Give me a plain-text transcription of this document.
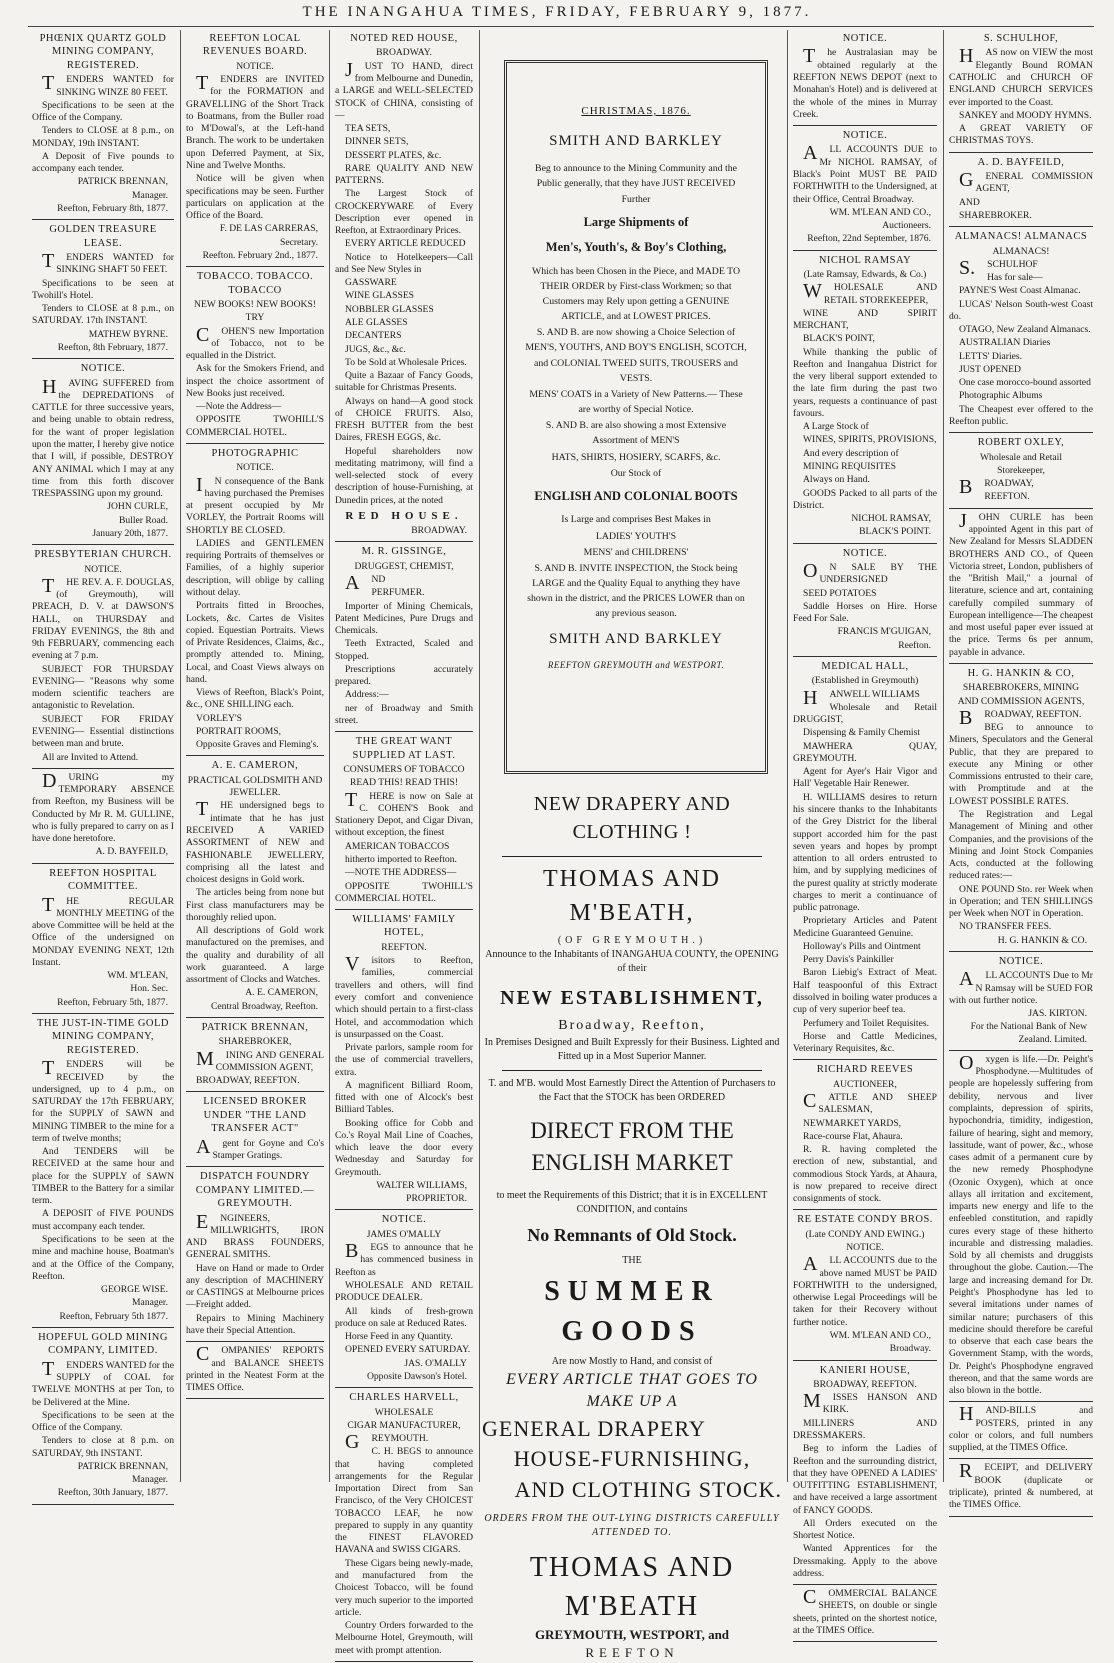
THE INANGAHUA TIMES, FRIDAY, FEBRUARY 9, 1877.
PHŒNIX QUARTZ GOLD MINING COMPANY, REGISTERED.
TENDERS WANTED for SINKING WINZE 80 FEET.
Specifications to be seen at the Office of the Company.
Tenders to CLOSE at 8 p.m., on MONDAY, 19th INSTANT.
A Deposit of Five pounds to accompany each tender.
PATRICK BRENNAN,
Manager.
Reefton, February 8th, 1877.
GOLDEN TREASURE LEASE.
TENDERS WANTED for SINKING SHAFT 50 FEET.
Specifications to be seen at Twohill's Hotel.
Tenders to CLOSE at 8 p.m., on SATURDAY. 17th INSTANT.
MATHEW BYRNE.
Reefton, 8th February, 1877.
NOTICE.
HAVING SUFFERED from the DEPREDATIONS of CATTLE for three successive years, and being unable to obtain redress, for the want of proper legislation upon the matter, I hereby give notice that I will, if possible, DESTROY ANY ANIMAL which I may at any time from this forth discover TRESPASSING upon my ground.
JOHN CURLE,
Buller Road.
January 20th, 1877.
PRESBYTERIAN CHURCH.
NOTICE.
THE REV. A. F. DOUGLAS, (of Greymouth), will PREACH, D. V. at DAWSON'S HALL, on THURSDAY and FRIDAY EVENINGS, the 8th and 9th FEBRUARY, commencing each evening at 7 p.m.
SUBJECT FOR THURSDAY EVENING— "Reasons why some modern scientific teachers are antagonistic to Revelation.
SUBJECT FOR FRIDAY EVENING— Essential distinctions between man and brute.
All are Invited to Attend.
DURING my TEMPORARY ABSENCE from Reefton, my Business will be Conducted by Mr R. M. GULLINE, who is fully prepared to carry on as I have done heretofore.
A. D. BAYFEILD,
REEFTON HOSPITAL COMMITTEE.
THE REGULAR MONTHLY MEETING of the above Committee will be held at the Office of the undersigned on MONDAY EVENING NEXT, 12th Instant.
WM. M'LEAN,
Hon. Sec.
Reefton, February 5th, 1877.
THE JUST-IN-TIME GOLD MINING COMPANY, REGISTERED.
TENDERS will be RECEIVED by the undersigned, up to 4 p.m., on SATURDAY the 17th FEBRUARY, for the SUPPLY of SAWN and MINING TIMBER to the mine for a term of twelve months;
And TENDERS will be RECEIVED at the same hour and place for the SUPPLY of SAWN TIMBER to the Battery for a similar term.
A DEPOSIT of FIVE POUNDS must accompany each tender.
Specifications to be seen at the mine and machine house, Boatman's and at the Office of the Company, Reefton.
GEORGE WISE.
Manager.
Reefton, February 5th 1877.
HOPEFUL GOLD MINING COMPANY, LIMITED.
TENDERS WANTED for the SUPPLY of COAL for TWELVE MONTHS at per Ton, to be Delivered at the Mine.
Specifications to be seen at the Office of the Company.
Tenders to close at 8 p.m. on SATURDAY, 9th INSTANT.
PATRICK BRENNAN,
Manager.
Reefton, 30th January, 1877.
REEFTON LOCAL REVENUES BOARD.
NOTICE.
TENDERS are INVITED for the FORMATION and GRAVELLING of the Short Track to Boatmans, from the Buller road to M'Dowal's, at the Left-hand Branch. The work to be undertaken upon Deferred Payment, at Six, Nine and Twelve Months.
Notice will be given when specifications may be seen. Further particulars on application at the Office of the Board.
F. DE LAS CARRERAS,
Secretary.
Reefton. February 2nd., 1877.
TOBACCO. TOBACCO. TOBACCO
NEW BOOKS! NEW BOOKS!
TRY
COHEN'S new Importation of Tobacco, not to be equalled in the District.
Ask for the Smokers Friend, and inspect the choice assortment of New Books just received.
—Note the Address—
OPPOSITE TWOHILL'S COMMERCIAL HOTEL.
PHOTOGRAPHIC
NOTICE.
IN consequence of the Bank having purchased the Premises at present occupied by Mr VORLEY, the Portrait Rooms will SHORTLY BE CLOSED.
LADIES and GENTLEMEN requiring Portraits of themselves or Families, of a highly superior description, will oblige by calling without delay.
Portraits fitted in Brooches, Lockets, &c. Cartes de Visites copied. Equestian Portraits. Views of Private Residences, Claims, &c., promptly attended to. Mining, Local, and Coast Views always on hand.
Views of Reefton, Black's Point, &c., ONE SHILLING each.
VORLEY'S
PORTRAIT ROOMS,
Opposite Graves and Fleming's.
A. E. CAMERON,
PRACTICAL GOLDSMITH AND JEWELLER.
THE undersigned begs to intimate that he has just RECEIVED A VARIED ASSORTMENT of NEW and FASHIONABLE JEWELLERY, comprising all the latest and choicest designs in Gold work.
The articles being from none but First class manufacturers may be thoroughly relied upon.
All descriptions of Gold work manufactured on the premises, and the quality and durability of all work guaranteed. A large assortment of Clocks and Watches.
A. E. CAMERON,
Central Broadway, Reefton.
PATRICK BRENNAN,
SHAREBROKER,
MINING AND GENERAL COMMISSION AGENT,
BROADWAY, REEFTON.
LICENSED BROKER UNDER "THE LAND TRANSFER ACT"
Agent for Goyne and Co's Stamper Gratings.
DISPATCH FOUNDRY COMPANY LIMITED.—GREYMOUTH.
ENGINEERS, MILLWRIGHTS, IRON AND BRASS FOUNDERS, GENERAL SMITHS.
Have on Hand or made to Order any description of MACHINERY or CASTINGS at Melbourne prices—Freight added.
Repairs to Mining Machinery have their Special Attention.
COMPANIES' REPORTS and BALANCE SHEETS printed in the Neatest Form at the TIMES Office.
NOTED RED HOUSE,
BROADWAY.
JUST TO HAND, direct from Melbourne and Dunedin, a LARGE and WELL-SELECTED STOCK of CHINA, consisting of—
TEA SETS,
DINNER SETS,
DESSERT PLATES, &c.
RARE QUALITY AND NEW PATTERNS.
The Largest Stock of CROCKERYWARE of Every Description ever opened in Reefton, at Extraordinary Prices.
EVERY ARTICLE REDUCED
Notice to Hotelkeepers—Call and See New Styles in
GASSWARE
WINE GLASSES
NOBBLER GLASSES
ALE GLASSES
DECANTERS
JUGS, &c., &c.
To be Sold at Wholesale Prices.
Quite a Bazaar of Fancy Goods, suitable for Christmas Presents.
Always on hand—A good stock of CHOICE FRUITS. Also, FRESH BUTTER from the best Daires, FRESH EGGS, &c.
Hopeful shareholders now meditating matrimony, will find a well-selected stock of every description of house-Furnishing, at Dunedin prices, at the noted
RED HOUSE.
BROADWAY.
M. R. GISSINGE,
DRUGGEST, CHEMIST,
AND
PERFUMER.
Importer of Mining Chemicals, Patent Medicines, Pure Drugs and Chemicals.
Teeth Extracted, Scaled and Stopped.
Prescriptions accurately prepared.
Address:—
ner of Broadway and Smith street.
THE GREAT WANT SUPPLIED AT LAST.
CONSUMERS OF TOBACCO
READ THIS! READ THIS!
THERE is now on Sale at C. COHEN'S Book and Stationery Depot, and Cigar Divan, without exception, the finest
AMERICAN TOBACCOS
hitherto imported to Reefton.
—NOTE THE ADDRESS—
OPPOSITE TWOHILL'S COMMERCIAL HOTEL.
WILLIAMS' FAMILY HOTEL,
REEFTON.
Visitors to Reefton, families, commercial travellers and others, will find every comfort and convenience which should pertain to a first-class Hotel, and accommodation which is unsurpassed on the Coast.
Private parlors, sample room for the use of commercial travellers, extra.
A magnificent Billiard Room, fitted with one of Alcock's best Billiard Tables.
Booking office for Cobb and Co.'s Royal Mail Line of Coaches, which leave the door every Wednesday and Saturday for Greymouth.
WALTER WILLIAMS,
PROPRIETOR.
NOTICE.
JAMES O'MALLY
BEGS to announce that he has commenced business in Reefton as
WHOLESALE AND RETAIL PRODUCE DEALER.
All kinds of fresh-grown produce on sale at Reduced Rates.
Horse Feed in any Quantity.
OPENED EVERY SATURDAY.
JAS. O'MALLY
Opposite Dawson's Hotel.
CHARLES HARVELL,
WHOLESALE
CIGAR MANUFACTURER,
GREYMOUTH.
C. H. BEGS to announce that having completed arrangements for the Regular Importation Direct from San Francisco, of the Very CHOICEST TOBACCO LEAF, he now prepared to supply in any quantity the FINEST FLAVORED HAVANA and SWISS CIGARS.
These Cigars being newly-made, and manufactured from the Choicest Tobacco, will be found very much superior to the imported article.
Country Orders forwarded to the Melbourne Hotel, Greymouth, will meet with prompt attention.
CHRISTMAS, 1876.
SMITH AND BARKLEY
Beg to announce to the Mining Community and the Public generally, that they have JUST RECEIVED Further
Large Shipments of
Men's, Youth's, & Boy's Clothing,
Which has been Chosen in the Piece, and MADE TO THEIR ORDER by First-class Workmen; so that Customers may Rely upon getting a GENUINE ARTICLE, and at LOWEST PRICES.
S. AND B. are now showing a Choice Selection of MEN'S, YOUTH'S, AND BOY'S ENGLISH, SCOTCH, and COLONIAL TWEED SUITS, TROUSERS and VESTS.
MENS' COATS in a Variety of New Patterns.— These are worthy of Special Notice.
S. AND B. are also showing a most Extensive Assortment of MEN'S
HATS, SHIRTS, HOSIERY, SCARFS, &c.
Our Stock of
ENGLISH AND COLONIAL BOOTS
Is Large and comprises Best Makes in
LADIES' YOUTH'S
MENS' and CHILDRENS'
S. AND B. INVITE INSPECTION, the Stock being LARGE and the Quality Equal to anything they have shown in the district, and the PRICES LOWER than on any previous season.
SMITH AND BARKLEY
REEFTON GREYMOUTH and WESTPORT.
NEW DRAPERY AND CLOTHING !
THOMAS AND M'BEATH,
(OF GREYMOUTH.)
Announce to the Inhabitants of INANGAHUA COUNTY, the OPENING of their
NEW ESTABLISHMENT,
Broadway, Reefton,
In Premises Designed and Built Expressly for their Business. Lighted and Fitted up in a Most Superior Manner.
T. and M'B. would Most Earnestly Direct the Attention of Purchasers to the Fact that the STOCK has been ORDERED
DIRECT FROM THE ENGLISH MARKET
to meet the Requirements of this District; that it is in EXCELLENT CONDITION, and contains
No Remnants of Old Stock.
THE
SUMMER GOODS
Are now Mostly to Hand, and consist of
EVERY ARTICLE THAT GOES TO MAKE UP A
GENERAL DRAPERY
HOUSE-FURNISHING,
AND CLOTHING STOCK.
ORDERS FROM THE OUT-LYING DISTRICTS CAREFULLY ATTENDED TO.
THOMAS AND M'BEATH
GREYMOUTH, WESTPORT, and
REEFTON
NOTICE.
The Australasian may be obtained regularly at the REEFTON NEWS DEPOT (next to Monahan's Hotel) and is delivered at the whole of the mines in Murray Creek.
NOTICE.
ALL ACCOUNTS DUE to Mr NICHOL RAMSAY, of Black's Point MUST BE PAID FORTHWITH to the Undersigned, at their Office, Central Broadway.
WM. M'LEAN AND CO.,
Auctioneers.
Reefton, 22nd September, 1876.
NICHOL RAMSAY
(Late Ramsay, Edwards, & Co.)
WHOLESALE AND RETAIL STOREKEEPER,
WINE AND SPIRIT MERCHANT,
BLACK'S POINT,
While thanking the public of Reefton and Inangahua District for the very liberal support extended to the late firm during the past two years, requests a continuance of past favours.
A Large Stock of
WINES, SPIRITS, PROVISIONS,
And every description of
MINING REQUISITES
Always on Hand.
GOODS Packed to all parts of the District.
NICHOL RAMSAY,
BLACK'S POINT.
NOTICE.
ON SALE BY THE UNDERSIGNED
SEED POTATOES
Saddle Horses on Hire. Horse Feed For Sale.
FRANCIS M'GUIGAN,
Reefton.
MEDICAL HALL,
(Established in Greymouth)
HANWELL WILLIAMS
Wholesale and Retail DRUGGIST,
Dispensing & Family Chemist
MAWHERA QUAY, GREYMOUTH.
Agent for Ayer's Hair Vigor and Hall' Vegetable Hair Renewer.
H. WILLIAMS desires to return his sincere thanks to the Inhabitants of the Grey District for the liberal support accorded him for the past seven years and hopes by prompt attention to all orders entrusted to him, and by supplying medicines of the purest quality at strictly moderate charges to merit a continuance of public patronage.
Proprietary Articles and Patent Medicine Guaranteed Genuine.
Holloway's Pills and Ointment
Perry Davis's Painkiller
Baron Liebig's Extract of Meat. Half teaspoonful of this Extract dissolved in boiling water produces a cup of very superior beef tea.
Perfumery and Toilet Requisites.
Horse and Cattle Medicines, Veterinary Requisites, &c.
RICHARD REEVES
AUCTIONEER,
CATTLE AND SHEEP SALESMAN,
NEWMARKET YARDS,
Race-course Flat, Ahaura.
R. R. having completed the erection of new, substantial, and commodious Stock Yards, at Ahaura, is now prepared to receive direct consignments of stock.
RE ESTATE CONDY BROS.
(Late CONDY AND EWING.)
NOTICE.
ALL ACCOUNTS due to the above named MUST be PAID FORTHWITH to the undersigned, otherwise Legal Proceedings will be taken for their Recovery without further notice.
WM. M'LEAN AND CO.,
Broadway.
KANIERI HOUSE,
BROADWAY, REEFTON.
MISSES HANSON AND KIRK.
MILLINERS AND DRESSMAKERS.
Beg to inform the Ladies of Reefton and the surrounding district, that they have OPENED A LADIES' OUTFITTING ESTABLISHMENT, and have received a large assortment of FANCY GOODS.
All Orders executed on the Shortest Notice.
Wanted Apprentices for the Dressmaking. Apply to the above address.
COMMERCIAL BALANCE SHEETS, on double or single sheets, printed on the shortest notice, at the TIMES Office.
S. SCHULHOF,
HAS now on VIEW the most Elegantly Bound ROMAN CATHOLIC and CHURCH OF ENGLAND CHURCH SERVICES ever imported to the Coast.
SANKEY and MOODY HYMNS.
A GREAT VARIETY OF CHRISTMAS TOYS.
A. D. BAYFEILD,
GENERAL COMMISSION AGENT,
AND
SHAREBROKER.
ALMANACS! ALMANACS
ALMANACS!
S.SCHULHOF
Has for sale—
PAYNE'S West Coast Almanac.
LUCAS' Nelson South-west Coast do.
OTAGO, New Zealand Almanacs.
AUSTRALIAN Diaries
LETTS' Diaries.
JUST OPENED
One case morocco-bound assorted
Photographic Albums
The Cheapest ever offered to the Reefton public.
ROBERT OXLEY,
Wholesale and Retail
Storekeeper,
BROADWAY,
REEFTON.
JOHN CURLE has been appointed Agent in this part of New Zealand for Messrs SLADDEN BROTHERS AND CO., of Queen Victoria street, London, publishers of the "British Mail," a journal of literature, science and art, containing carefully compiled summary of European intelligence—The cheapest and most useful paper ever issued at the price. Terms 6s per annum, payable in advance.
H. G. HANKIN & CO,
SHAREBROKERS, MINING
AND COMMISSION AGENTS,
BROADWAY, REEFTON.
BEG to announce to Miners, Speculators and the General Public, that they are prepared to execute any Mining or other Commissions entrusted to their care, with Promptitude and at the LOWEST POSSIBLE RATES.
The Registration and Legal Management of Mining and other Companies, and the provisions of the Mining and Joint Stock Companies Acts, conducted at the following reduced rates:—
ONE POUND Sto. rer Week when in Operation; and TEN SHILLINGS per Week when NOT in Operation.
NO TRANSFER FEES.
H. G. HANKIN & CO.
NOTICE.
ALL ACCOUNTS Due to Mr N Ramsay will be SUED FOR with out further notice.
JAS. KIRTON.
For the National Bank of New Zealand. Limited.
Oxygen is life.—Dr. Peight's Phosphodyne.—Multitudes of people are hopelessly suffering from debility, nervous and liver complaints, depression of spirits, hypochondria, timidity, indigestion, failure of hearing, sight and memory, lassitude, want of power, &c., whose cases admit of a permanent cure by the new remedy Phosphodyne (Ozonic Oxygen), which at once allays all irritation and excitement, imparts new energy and life to the enfeebled constitution, and rapidly cures every stage of these hitherto incurable and distressing maladies. Sold by all chemists and druggists throughout the globe. Caution.—The large and increasing demand for Dr. Peight's Phosphodyne has led to several imitations under names of similar nature; purchasers of this medicine should therefore be careful to observe that each case bears the Government Stamp, with the words, Dr. Peight's Phosphodyne engraved thereon, and that the same words are also blown in the bottle.
HAND-BILLS and POSTERS, printed in any color or colors, and full numbers supplied, at the TIMES Office.
RECEIPT, and DELIVERY BOOK (duplicate or triplicate), printed & numbered, at the TIMES Office.
